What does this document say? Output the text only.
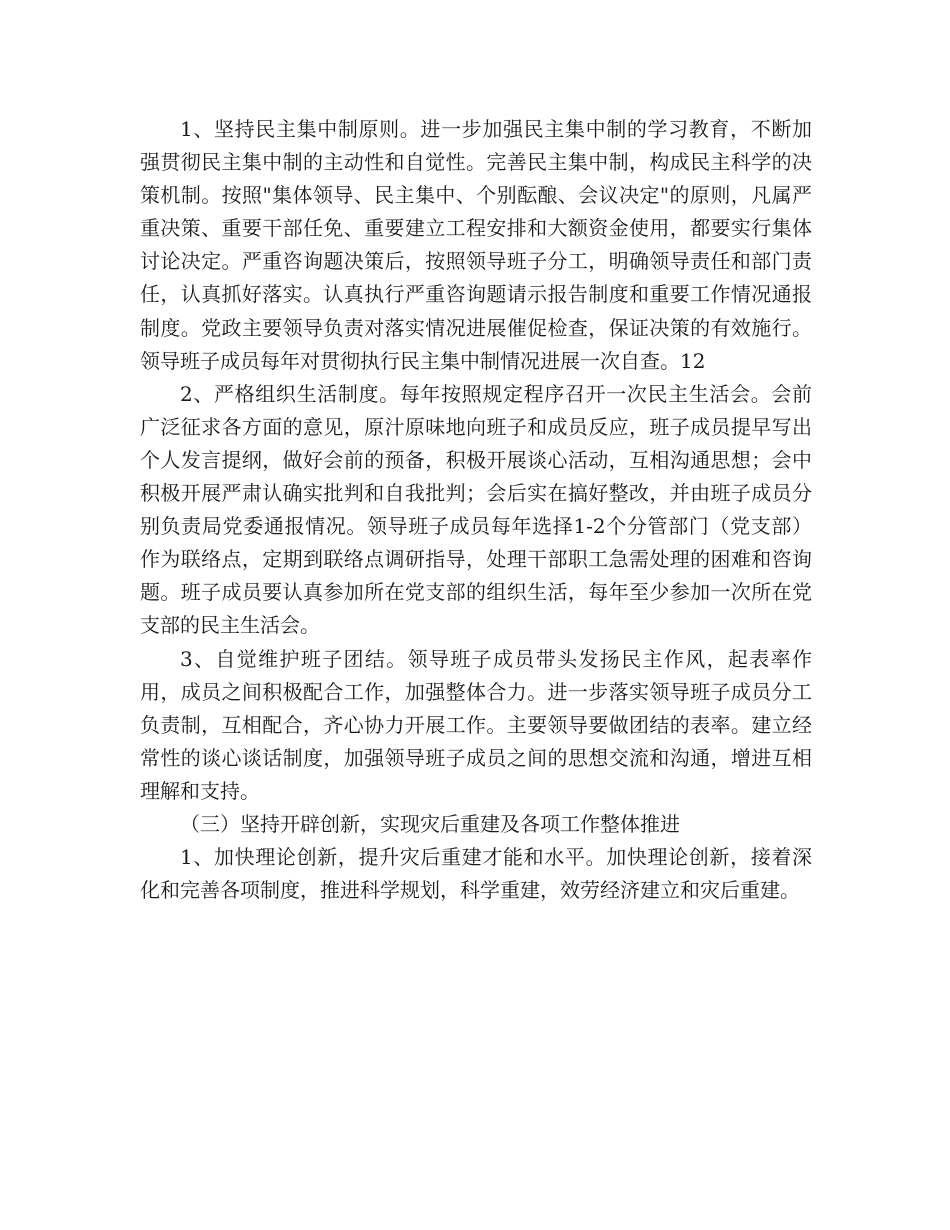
1、坚持民主集中制原则。进一步加强民主集中制的学习教育，不断加强贯彻民主集中制的主动性和自觉性。完善民主集中制，构成民主科学的决策机制。按照"集体领导、民主集中、个别酝酿、会议决定"的原则，凡属严重决策、重要干部任免、重要建立工程安排和大额资金使用，都要实行集体讨论决定。严重咨询题决策后，按照领导班子分工，明确领导责任和部门责任，认真抓好落实。认真执行严重咨询题请示报告制度和重要工作情况通报制度。党政主要领导负责对落实情况进展催促检查，保证决策的有效施行。领导班子成员每年对贯彻执行民主集中制情况进展一次自查。12

2、严格组织生活制度。每年按照规定程序召开一次民主生活会。会前广泛征求各方面的意见，原汁原味地向班子和成员反应，班子成员提早写出个人发言提纲，做好会前的预备，积极开展谈心活动，互相沟通思想；会中积极开展严肃认确实批判和自我批判；会后实在搞好整改，并由班子成员分别负责局党委通报情况。领导班子成员每年选择1-2个分管部门（党支部）作为联络点，定期到联络点调研指导，处理干部职工急需处理的困难和咨询题。班子成员要认真参加所在党支部的组织生活，每年至少参加一次所在党支部的民主生活会。

3、自觉维护班子团结。领导班子成员带头发扬民主作风，起表率作用，成员之间积极配合工作，加强整体合力。进一步落实领导班子成员分工负责制，互相配合，齐心协力开展工作。主要领导要做团结的表率。建立经常性的谈心谈话制度，加强领导班子成员之间的思想交流和沟通，增进互相理解和支持。

（三）坚持开辟创新，实现灾后重建及各项工作整体推进

1、加快理论创新，提升灾后重建才能和水平。加快理论创新，接着深化和完善各项制度，推进科学规划，科学重建，效劳经济建立和灾后重建。
